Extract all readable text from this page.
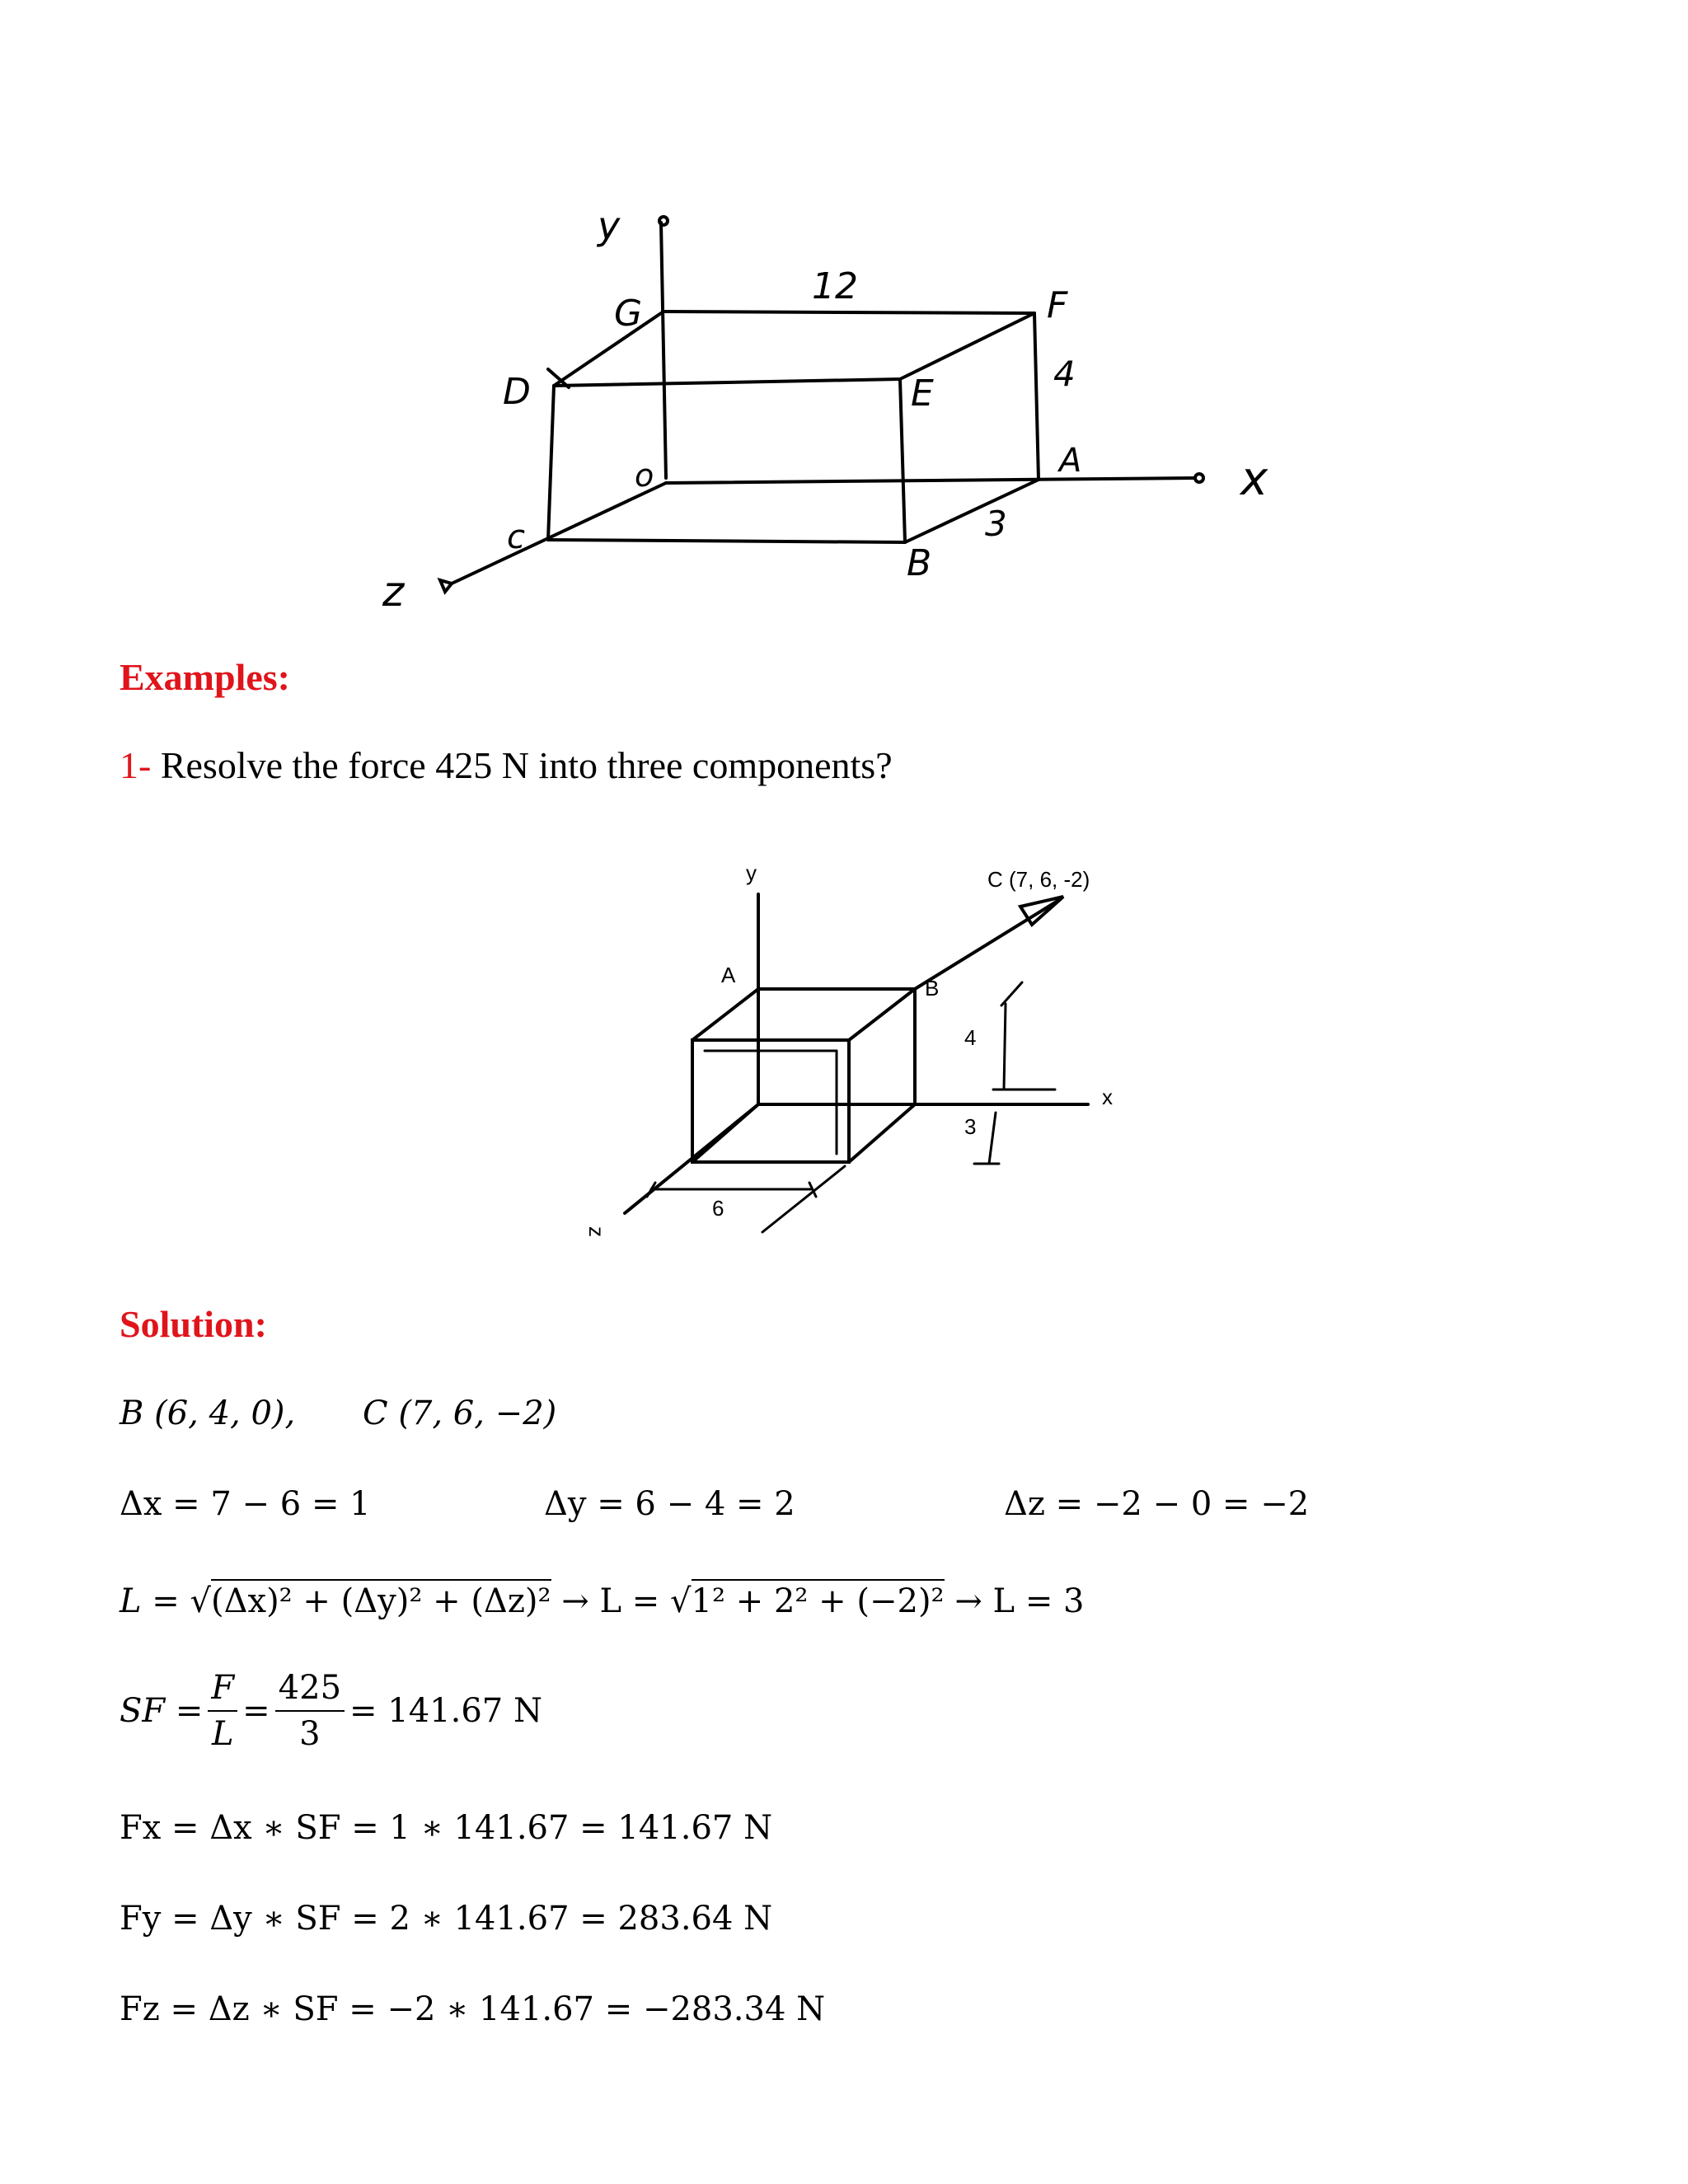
y
x
z
G
D	E
F
A
B
o
c
12
4
3
Examples:
1- Resolve the force 425 N into three components?
y
x
z
A
B
C (7, 6, -2)
4
3
6
Solution:
B (6, 4, 0), C (7, 6, −2)
Δx = 7 − 6 = 1	Δy = 6 − 4 = 2	Δz = −2 − 0 = −2
L = √(Δx)² + (Δy)² + (Δz)² → L = √1² + 2² + (−2)² → L = 3
SF = $\frac{F}{L} = \frac{425}{3} = 141.67$ N
Fx = Δx ∗ SF = 1 ∗ 141.67 = 141.67 N
Fy = Δy ∗ SF = 2 ∗ 141.67 = 283.64 N
Fz = Δz ∗ SF = −2 ∗ 141.67 = −283.34 N
